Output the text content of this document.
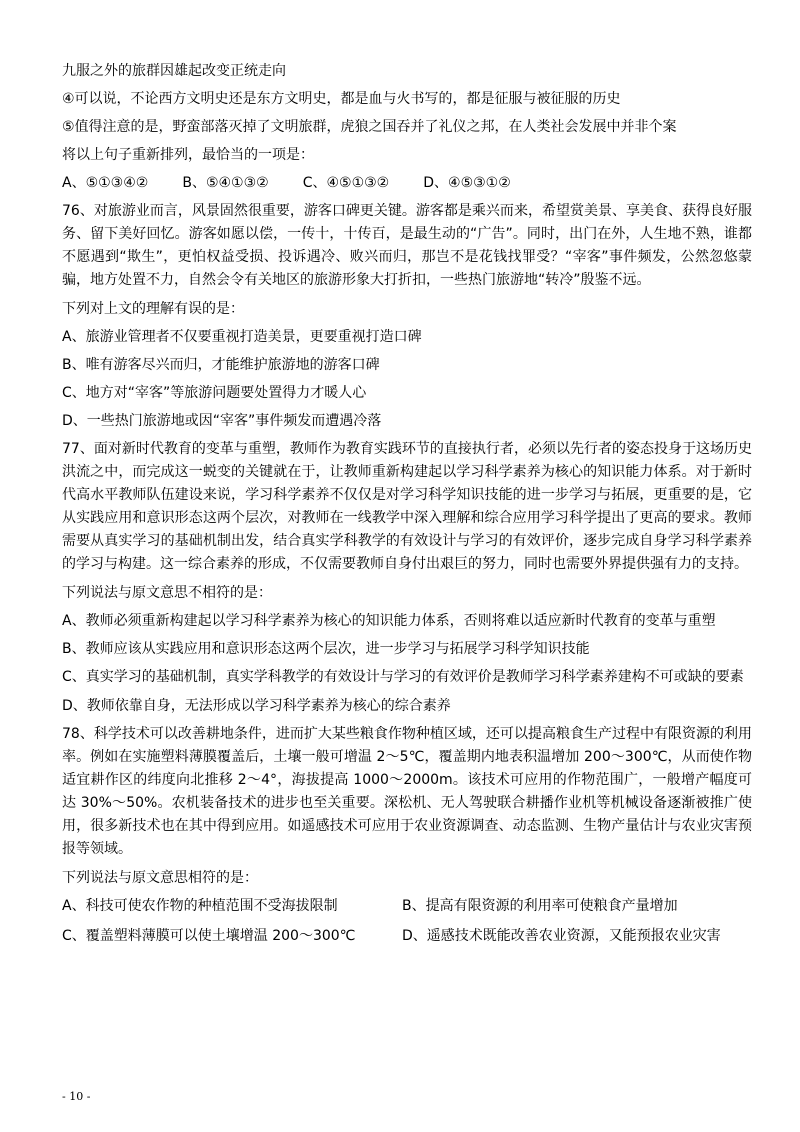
九服之外的旅群因雄起改变正统走向

④可以说，不论西方文明史还是东方文明史，都是血与火书写的，都是征服与被征服的历史

⑤值得注意的是，野蛮部落灭掉了文明旅群，虎狼之国吞并了礼仪之邦，在人类社会发展中并非个案

将以上句子重新排列，最恰当的一项是：

A、⑤①③④② B、⑤④①③② C、④⑤①③② D、④⑤③①②

76、对旅游业而言，风景固然很重要，游客口碑更关键。游客都是乘兴而来，希望赏美景、享美食、获得良好服务、留下美好回忆。游客如愿以偿，一传十，十传百，是最生动的“广告”。同时，出门在外，人生地不熟，谁都不愿遇到“欺生”，更怕权益受损、投诉遇冷、败兴而归，那岂不是花钱找罪受？“宰客”事件频发，公然忽悠蒙骗，地方处置不力，自然会令有关地区的旅游形象大打折扣，一些热门旅游地“转冷”殷鉴不远。

下列对上文的理解有误的是：

A、旅游业管理者不仅要重视打造美景，更要重视打造口碑

B、唯有游客尽兴而归，才能维护旅游地的游客口碑

C、地方对“宰客”等旅游问题要处置得力才暖人心

D、一些热门旅游地或因“宰客”事件频发而遭遇冷落

77、面对新时代教育的变革与重塑，教师作为教育实践环节的直接执行者，必须以先行者的姿态投身于这场历史洪流之中，而完成这一蜕变的关键就在于，让教师重新构建起以学习科学素养为核心的知识能力体系。对于新时代高水平教师队伍建设来说，学习科学素养不仅仅是对学习科学知识技能的进一步学习与拓展，更重要的是，它从实践应用和意识形态这两个层次，对教师在一线教学中深入理解和综合应用学习科学提出了更高的要求。教师需要从真实学习的基础机制出发，结合真实学科教学的有效设计与学习的有效评价，逐步完成自身学习科学素养的学习与构建。这一综合素养的形成，不仅需要教师自身付出艰巨的努力，同时也需要外界提供强有力的支持。

下列说法与原文意思不相符的是：

A、教师必须重新构建起以学习科学素养为核心的知识能力体系，否则将难以适应新时代教育的变革与重塑

B、教师应该从实践应用和意识形态这两个层次，进一步学习与拓展学习科学知识技能

C、真实学习的基础机制，真实学科教学的有效设计与学习的有效评价是教师学习科学素养建构不可或缺的要素

D、教师依靠自身，无法形成以学习科学素养为核心的综合素养

78、科学技术可以改善耕地条件，进而扩大某些粮食作物种植区域，还可以提高粮食生产过程中有限资源的利用率。例如在实施塑料薄膜覆盖后，土壤一般可增温 2～5℃，覆盖期内地表积温增加 200～300℃，从而使作物适宜耕作区的纬度向北推移 2～4°，海拔提高 1000～2000m。该技术可应用的作物范围广，一般增产幅度可达 30%～50%。农机装备技术的进步也至关重要。深松机、无人驾驶联合耕播作业机等机械设备逐渐被推广使用，很多新技术也在其中得到应用。如遥感技术可应用于农业资源调查、动态监测、生物产量估计与农业灾害预报等领域。

下列说法与原文意思相符的是：

A、科技可使农作物的种植范围不受海拔限制	B、提高有限资源的利用率可使粮食产量增加
C、覆盖塑料薄膜可以使土壤增温 200～300℃	D、遥感技术既能改善农业资源，又能预报农业灾害
- 10 -
